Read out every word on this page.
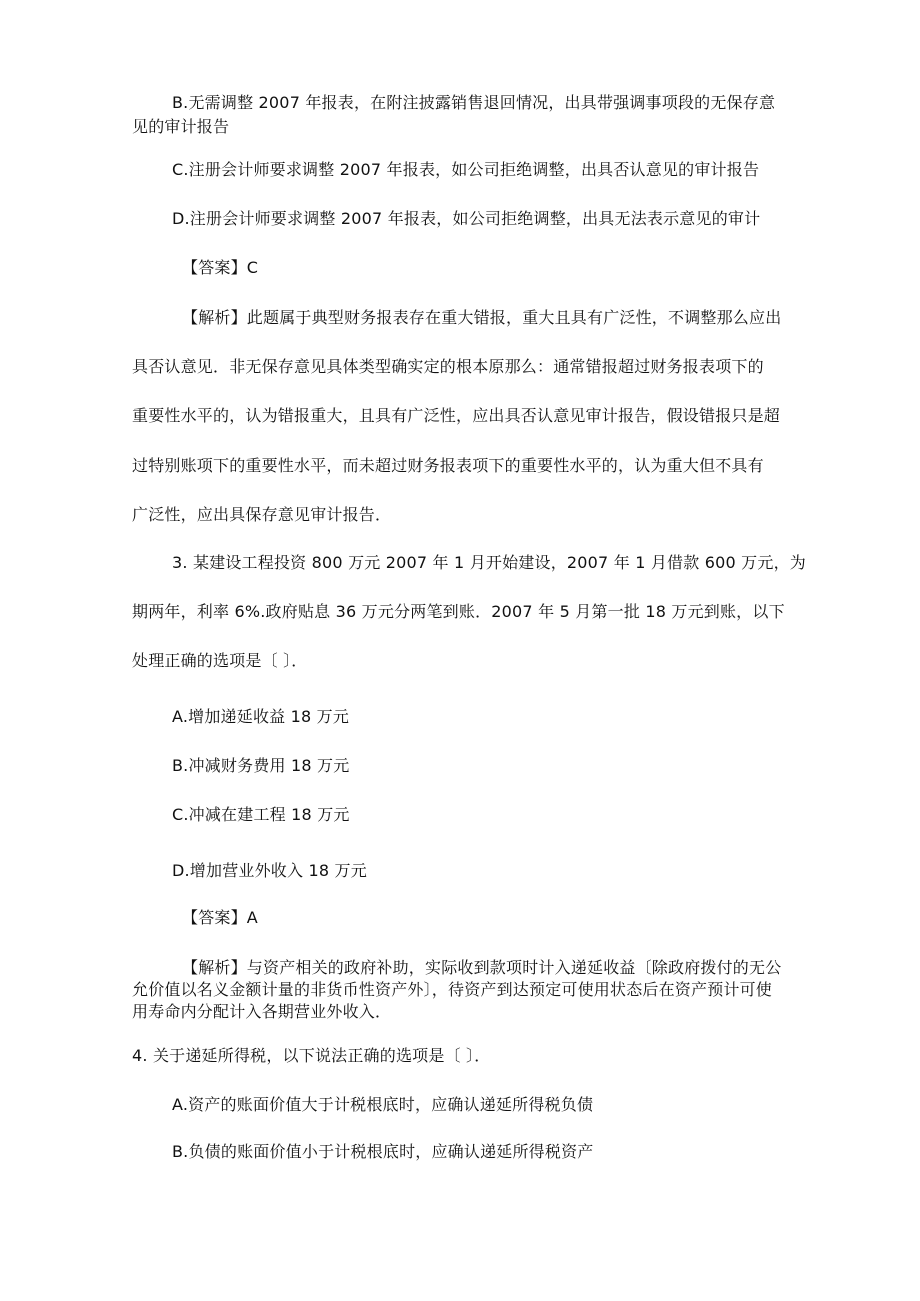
B.无需调整 2007 年报表，在附注披露销售退回情况，出具带强调事项段的无保存意

见的审计报告

C.注册会计师要求调整 2007 年报表，如公司拒绝调整，出具否认意见的审计报告

D.注册会计师要求调整 2007 年报表，如公司拒绝调整，出具无法表示意见的审计

【答案】C

【解析】此题属于典型财务报表存在重大错报，重大且具有广泛性，不调整那么应出

具否认意见．非无保存意见具体类型确实定的根本原那么：通常错报超过财务报表项下的

重要性水平的，认为错报重大，且具有广泛性，应出具否认意见审计报告，假设错报只是超

过特别账项下的重要性水平，而未超过财务报表项下的重要性水平的，认为重大但不具有

广泛性，应出具保存意见审计报告．

3. 某建设工程投资 800 万元 2007 年 1 月开始建设，2007 年 1 月借款 600 万元，为

期两年，利率 6%.政府贴息 36 万元分两笔到账．2007 年 5 月第一批 18 万元到账，以下

处理正确的选项是〔 〕．

A.增加递延收益 18 万元

B.冲减财务费用 18 万元

C.冲减在建工程 18 万元

D.增加营业外收入 18 万元

【答案】A

【解析】与资产相关的政府补助，实际收到款项时计入递延收益〔除政府拨付的无公允价值以名义金额计量的非货币性资产外〕，待资产到达预定可使用状态后在资产预计可使用寿命内分配计入各期营业外收入．

4. 关于递延所得税，以下说法正确的选项是〔 〕．

A.资产的账面价值大于计税根底时，应确认递延所得税负债

B.负债的账面价值小于计税根底时，应确认递延所得税资产
